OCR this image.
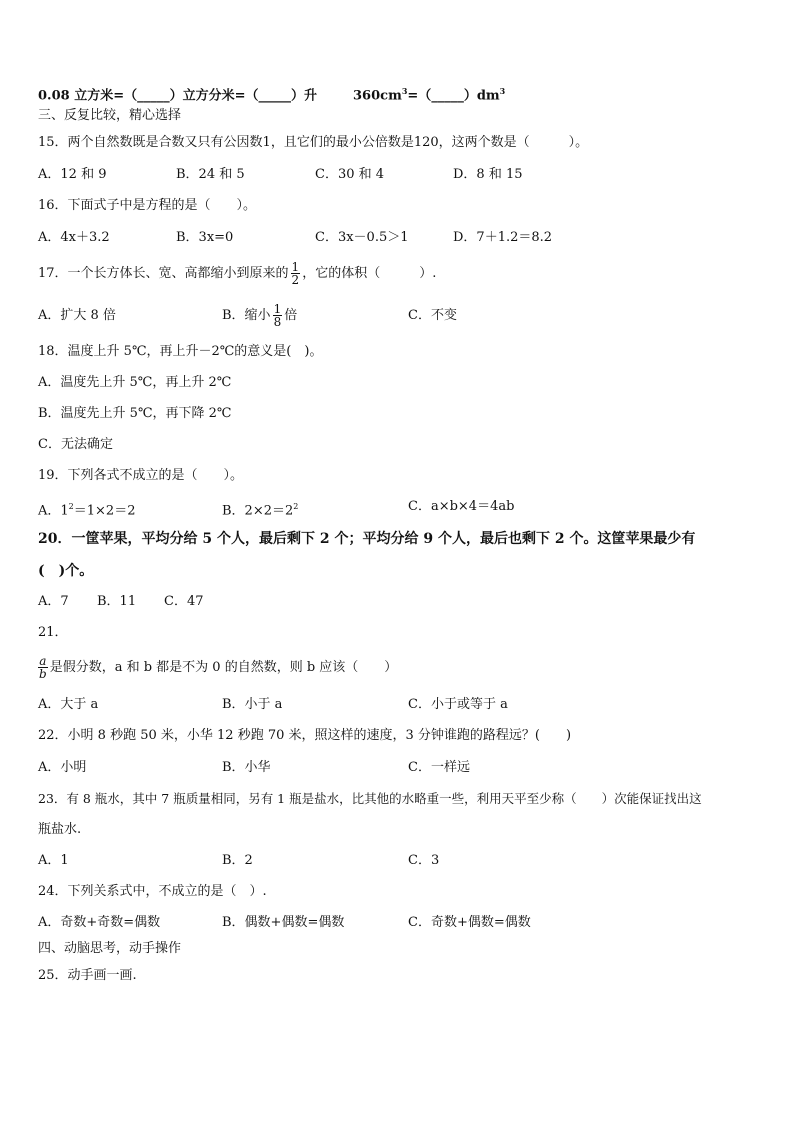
0.08 立方米=（_____）立方分米=（_____）升	$360cm^3=(\_\_\_\_\_)dm^3$
三、反复比较，精心选择
15．两个自然数既是合数又只有公因数1，且它们的最小公倍数是120，这两个数是（　　　）。
A．12 和 9	B．24 和 5	C．30 和 4	D．8 和 15
16．下面式子中是方程的是（　　）。
A．4x＋3.2	B．3x=0	C．3x－0.5＞1	D．7＋1.2＝8.2
17．一个长方体长、宽、高都缩小到原来的 $\frac{1}{2}$ ，它的体积（　　　）.
A．扩大 8 倍	B．缩小 $\frac{1}{8}$ 倍	C．不变
18．温度上升 5℃，再上升－2℃的意义是(　)。
A．温度先上升 5℃，再上升 2℃
B．温度先上升 5℃，再下降 2℃
C．无法确定
19．下列各式不成立的是（　　）。
A．$1^2=1\times 2=2$	B．$2\times 2=2^2$	C．a×b×4＝4ab
20．一筐苹果，平均分给 5 个人，最后剩下 2 个；平均分给 9 个人，最后也剩下 2 个。这筐苹果最少有
(　)个。
A．7 B．11 C．47
21．
$\frac{a}{b}$ 是假分数，a 和 b 都是不为 0 的自然数，则 b 应该（　　）
A．大于 a	B．小于 a	C．小于或等于 a
22．小明 8 秒跑 50 米，小华 12 秒跑 70 米，照这样的速度，3 分钟谁跑的路程远？(　　)
A．小明	B．小华	C．一样远
23．有 8 瓶水，其中 7 瓶质量相同，另有 1 瓶是盐水，比其他的水略重一些，利用天平至少称（　　）次能保证找出这
瓶盐水.
A．1	B．2	C．3
24．下列关系式中，不成立的是（　）.
A．奇数+奇数=偶数	B．偶数+偶数=偶数	C．奇数+偶数=偶数
四、动脑思考，动手操作
25．动手画一画.
